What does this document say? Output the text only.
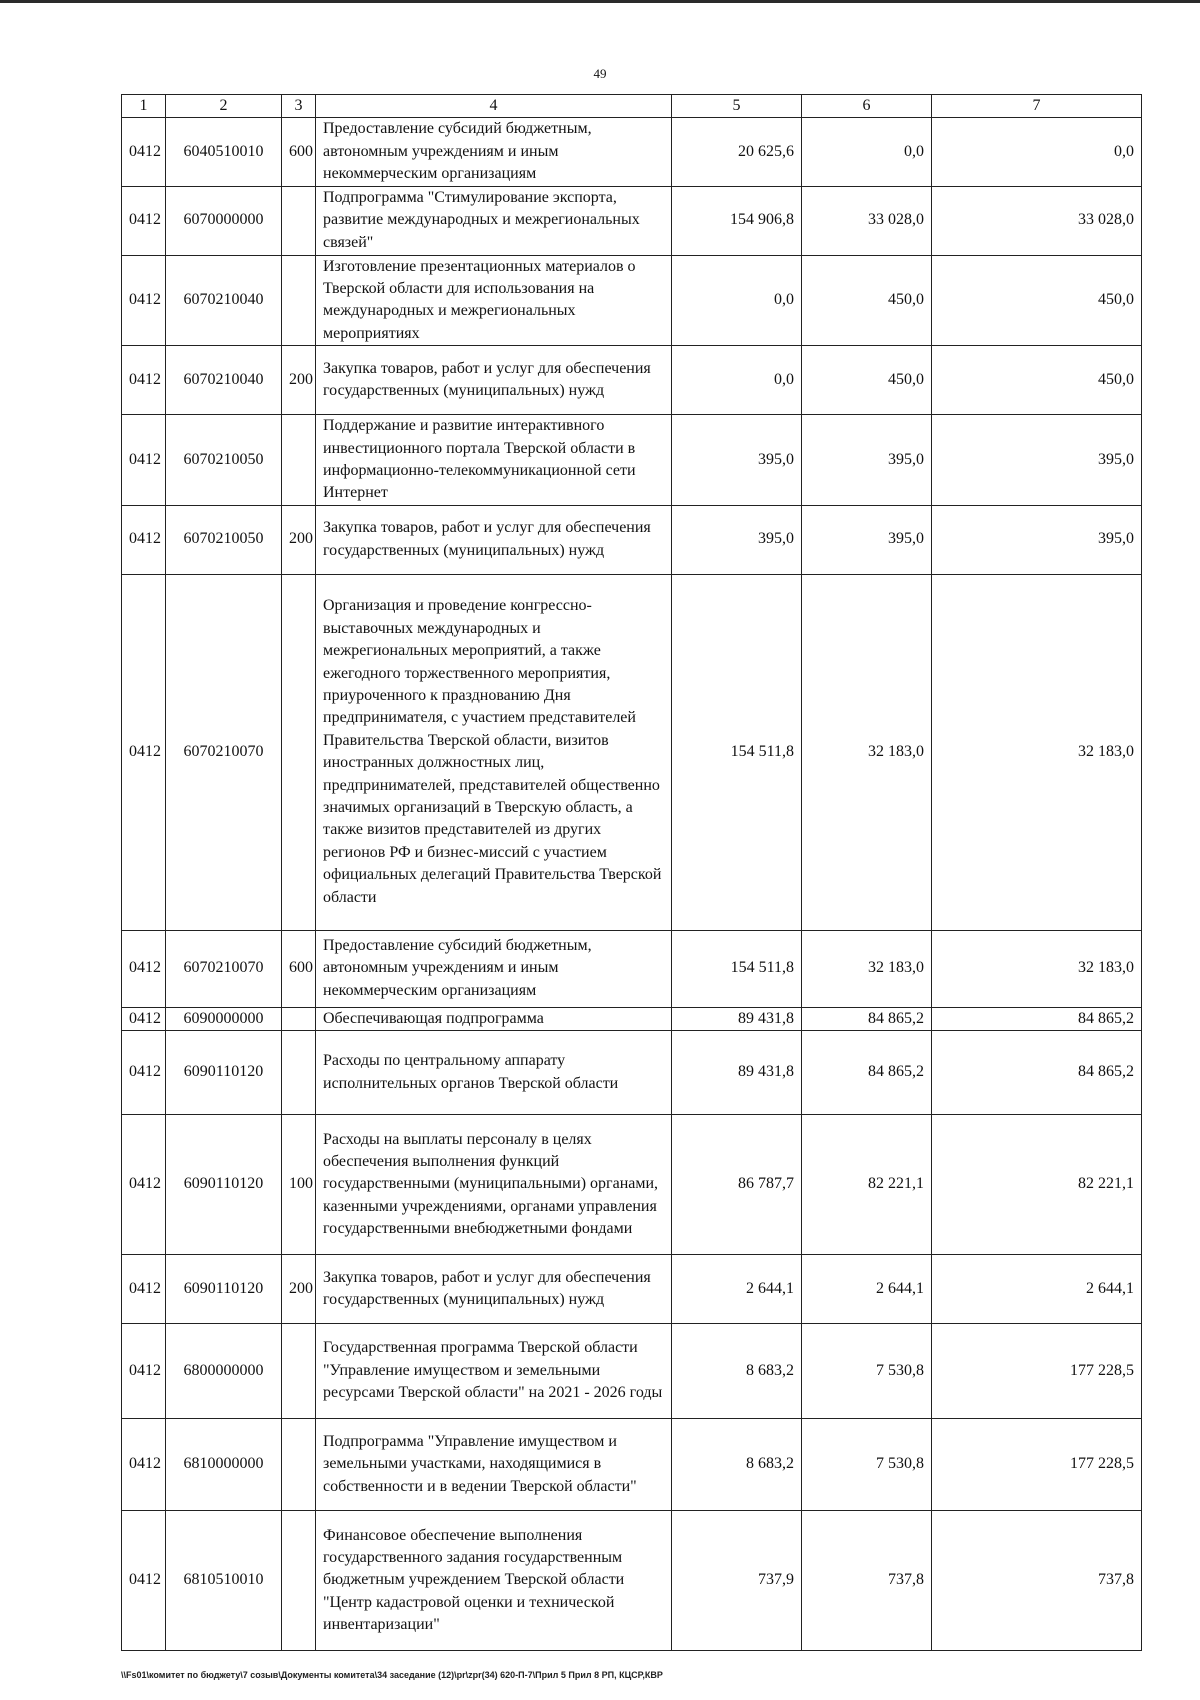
49
1	2	3	4	5	6	7
0412	6040510010	600	Предоставление субсидий бюджетным, автономным учреждениям и иным некоммерческим организациям	20 625,6	0,0	0,0
0412	6070000000		Подпрограмма "Стимулирование экспорта, развитие международных и межрегиональных связей"	154 906,8	33 028,0	33 028,0
0412	6070210040		Изготовление презентационных материалов о Тверской области для использования на международных и межрегиональных мероприятиях	0,0	450,0	450,0
0412	6070210040	200	Закупка товаров, работ и услуг для обеспечения государственных (муниципальных) нужд	0,0	450,0	450,0
0412	6070210050		Поддержание и развитие интерактивного инвестиционного портала Тверской области в информационно-телекоммуникационной сети Интернет	395,0	395,0	395,0
0412	6070210050	200	Закупка товаров, работ и услуг для обеспечения государственных (муниципальных) нужд	395,0	395,0	395,0
0412	6070210070		Организация и проведение конгрессно-выставочных международных и межрегиональных мероприятий, а также ежегодного торжественного мероприятия, приуроченного к празднованию Дня предпринимателя, с участием представителей Правительства Тверской области, визитов иностранных должностных лиц, предпринимателей, представителей общественно значимых организаций в Тверскую область, а также визитов представителей из других регионов РФ и бизнес-миссий с участием официальных делегаций Правительства Тверской области	154 511,8	32 183,0	32 183,0
0412	6070210070	600	Предоставление субсидий бюджетным, автономным учреждениям и иным некоммерческим организациям	154 511,8	32 183,0	32 183,0
0412	6090000000		Обеспечивающая подпрограмма	89 431,8	84 865,2	84 865,2
0412	6090110120		Расходы по центральному аппарату исполнительных органов Тверской области	89 431,8	84 865,2	84 865,2
0412	6090110120	100	Расходы на выплаты персоналу в целях обеспечения выполнения функций государственными (муниципальными) органами, казенными учреждениями, органами управления государственными внебюджетными фондами	86 787,7	82 221,1	82 221,1
0412	6090110120	200	Закупка товаров, работ и услуг для обеспечения государственных (муниципальных) нужд	2 644,1	2 644,1	2 644,1
0412	6800000000		Государственная программа Тверской области "Управление имуществом и земельными ресурсами Тверской области" на 2021 - 2026 годы	8 683,2	7 530,8	177 228,5
0412	6810000000		Подпрограмма "Управление имуществом и земельными участками, находящимися в собственности и в ведении Тверской области"	8 683,2	7 530,8	177 228,5
0412	6810510010		Финансовое обеспечение выполнения государственного задания государственным бюджетным учреждением Тверской области "Центр кадастровой оценки и технической инвентаризации"	737,9	737,8	737,8
\\Fs01\комитет по бюджету\7 созыв\Документы комитета\34 заседание (12)\pr\zpr(34) 620-П-7\Прил 5 Прил 8 РП, КЦСР,КВР
